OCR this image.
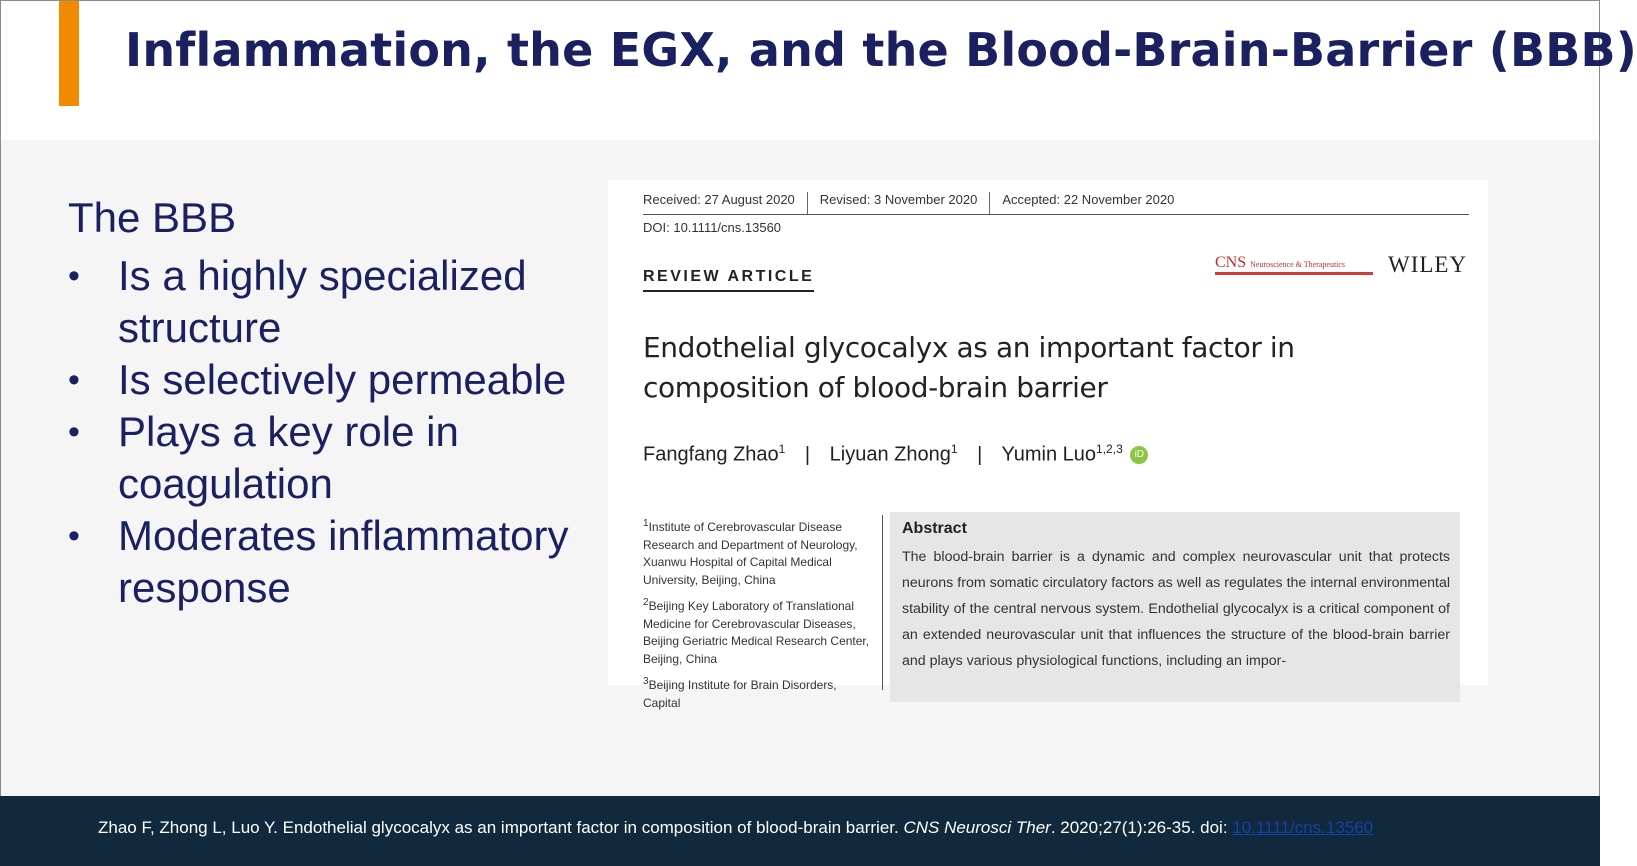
Inflammation, the EGX, and the Blood-Brain-Barrier (BBB)
The BBB
• Is a highly specialized structure
• Is selectively permeable
• Plays a key role in coagulation
• Moderates inflammatory response
Received: 27 August 2020	Revised: 3 November 2020	Accepted: 22 November 2020
DOI: 10.1111/cns.13560
REVIEW ARTICLE
CNS Neuroscience & Therapeutics	WILEY
Endothelial glycocalyx as an important factor in composition of blood-brain barrier
Fangfang Zhao$^1$ | Liyuan Zhong$^1$ | Yumin Luo$^{1,2,3}$ iD

$^1$Institute of Cerebrovascular Disease Research and Department of Neurology, Xuanwu Hospital of Capital Medical University, Beijing, China

$^2$Beijing Key Laboratory of Translational Medicine for Cerebrovascular Diseases, Beijing Geriatric Medical Research Center, Beijing, China

$^3$Beijing Institute for Brain Disorders, Capital

Abstract

The blood-brain barrier is a dynamic and complex neurovascular unit that protects neurons from somatic circulatory factors as well as regulates the internal environmental stability of the central nervous system. Endothelial glycocalyx is a critical component of an extended neurovascular unit that influences the structure of the blood-brain barrier and plays various physiological functions, including an impor-

Zhao F, Zhong L, Luo Y. Endothelial glycocalyx as an important factor in composition of blood-brain barrier. CNS Neurosci Ther. 2020;27(1):26-35. doi: 10.1111/cns.13560
